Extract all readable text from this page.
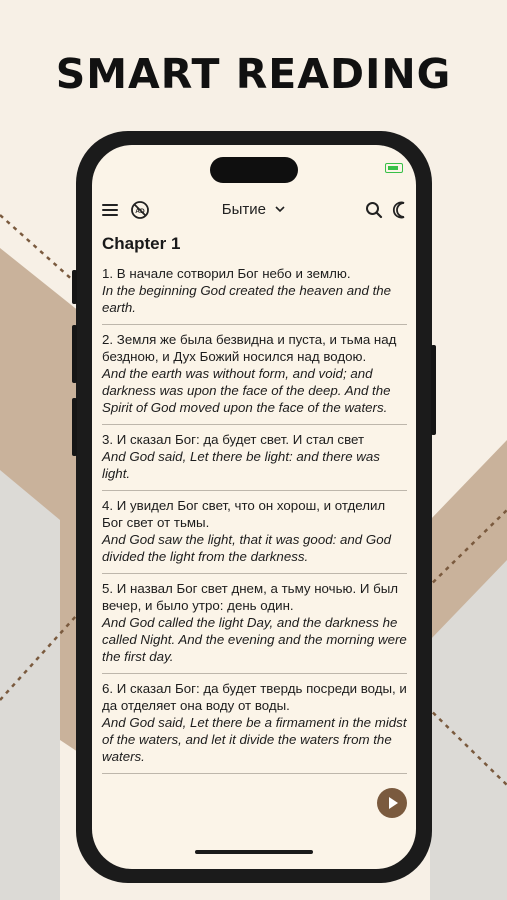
SMART READING
AD	Бытие
Chapter 1
1. В начале сотворил Бог небо и землю.
In the beginning God created the heaven and the earth.
2. Земля же была безвидна и пуста, и тьма над бездною, и Дух Божий носился над водою.
And the earth was without form, and void; and darkness was upon the face of the deep. And the Spirit of God moved upon the face of the waters.
3. И сказал Бог: да будет свет. И стал свет
And God said, Let there be light: and there was light.
4. И увидел Бог свет, что он хорош, и отделил Бог свет от тьмы.
And God saw the light, that it was good: and God divided the light from the darkness.
5. И назвал Бог свет днем, а тьму ночью. И был вечер, и было утро: день один.
And God called the light Day, and the darkness he called Night. And the evening and the morning were the first day.
6. И сказал Бог: да будет твердь посреди воды, и да отделяет она воду от воды.
And God said, Let there be a firmament in the midst of the waters, and let it divide the waters from the waters.
